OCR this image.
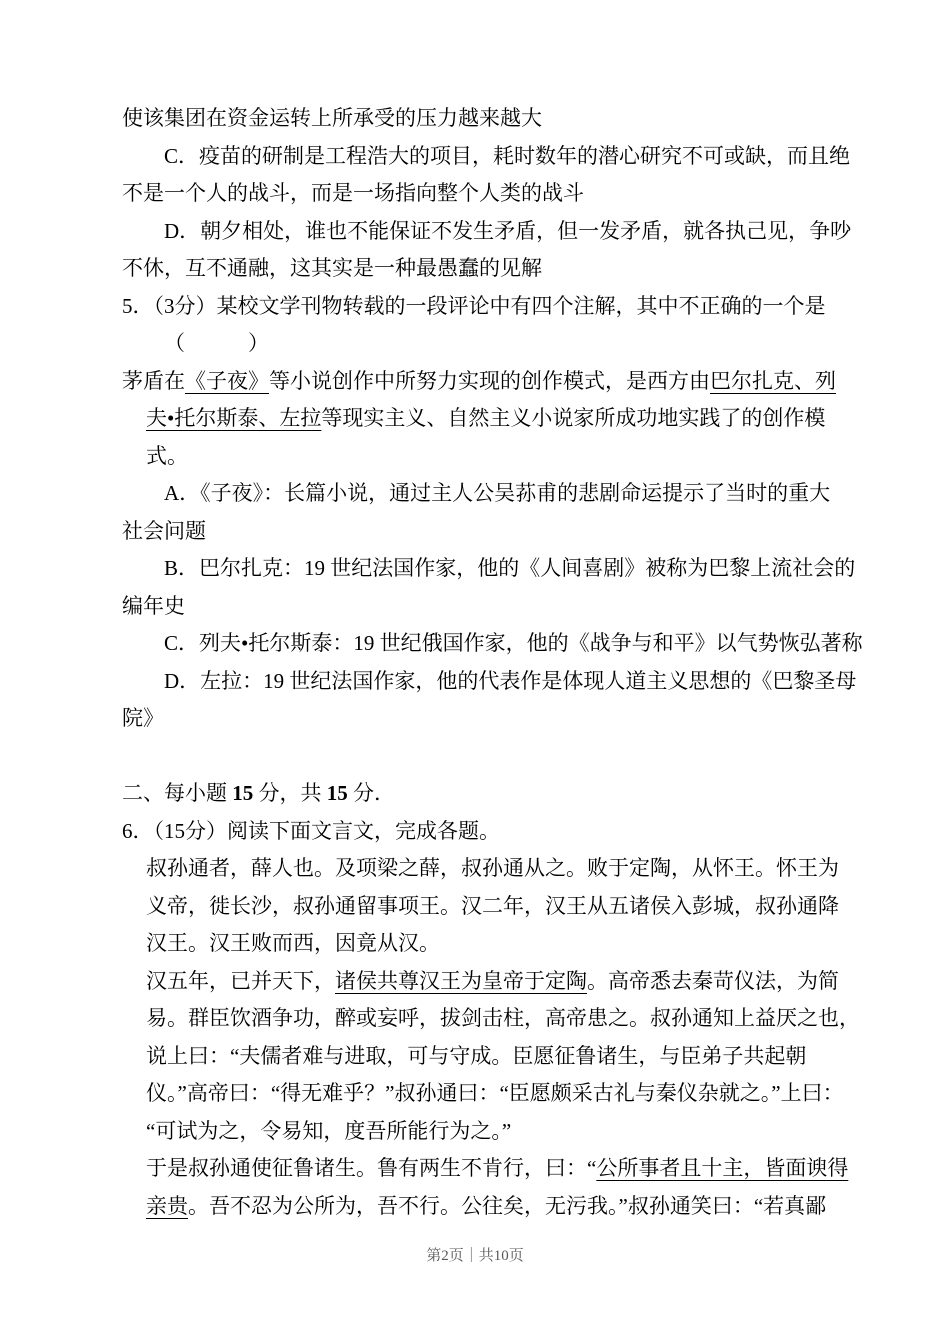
使该集团在资金运转上所承受的压力越来越大
C．疫苗的研制是工程浩大的项目，耗时数年的潜心研究不可或缺，而且绝
不是一个人的战斗，而是一场指向整个人类的战斗
D．朝夕相处，谁也不能保证不发生矛盾，但一发矛盾，就各执己见，争吵
不休，互不通融，这其实是一种最愚蠢的见解
5．（3分）某校文学刊物转载的一段评论中有四个注解，其中不正确的一个是
（　　　）
茅盾在《子夜》等小说创作中所努力实现的创作模式，是西方由巴尔扎克、列
夫•托尔斯泰、左拉等现实主义、自然主义小说家所成功地实践了的创作模
式。
A．《子夜》：长篇小说，通过主人公吴荪甫的悲剧命运提示了当时的重大
社会问题
B．巴尔扎克：19 世纪法国作家，他的《人间喜剧》被称为巴黎上流社会的
编年史
C．列夫•托尔斯泰：19 世纪俄国作家，他的《战争与和平》以气势恢弘著称
D．左拉：19 世纪法国作家，他的代表作是体现人道主义思想的《巴黎圣母
院》
二、每小题 15 分，共 15 分．
6．（15分）阅读下面文言文，完成各题。
叔孙通者，薛人也。及项梁之薛，叔孙通从之。败于定陶，从怀王。怀王为
义帝，徙长沙，叔孙通留事项王。汉二年，汉王从五诸侯入彭城，叔孙通降
汉王。汉王败而西，因竟从汉。
汉五年，已并天下，诸侯共尊汉王为皇帝于定陶。高帝悉去秦苛仪法，为简
易。群臣饮酒争功，醉或妄呼，拔剑击柱，高帝患之。叔孙通知上益厌之也，
说上曰：“夫儒者难与进取，可与守成。臣愿征鲁诸生，与臣弟子共起朝
仪。”高帝曰：“得无难乎？”叔孙通曰：“臣愿颇采古礼与秦仪杂就之。”上曰：
“可试为之，令易知，度吾所能行为之。”
于是叔孙通使征鲁诸生。鲁有两生不肯行，曰：“公所事者且十主，皆面谀得
亲贵。吾不忍为公所为，吾不行。公往矣，无污我。”叔孙通笑曰：“若真鄙
第2页｜共10页
